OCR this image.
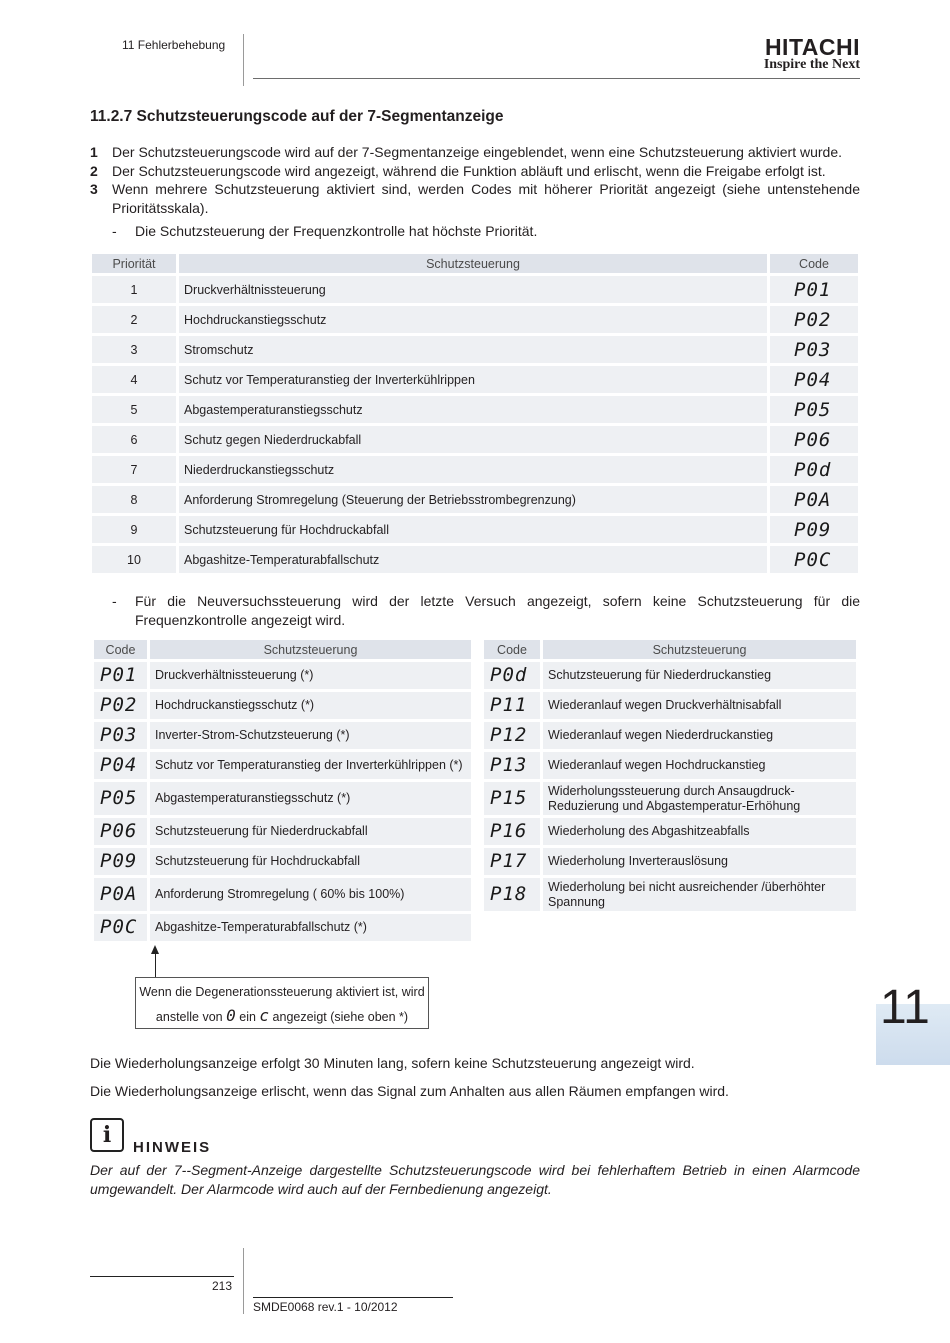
11 Fehlerbehebung	HITACHI
Inspire the Next
11.2.7 Schutzsteuerungscode auf der 7-Segmentanzeige
1	Der Schutzsteuerungscode wird auf der 7-Segmentanzeige eingeblendet, wenn eine Schutzsteuerung aktiviert wurde.
2	Der Schutzsteuerungscode wird angezeigt, während die Funktion abläuft und erlischt, wenn die Freigabe erfolgt ist.
3	Wenn mehrere Schutzsteuerung aktiviert sind, werden Codes mit höherer Priorität angezeigt (siehe untenstehende Prioritätsskala).
-	Die Schutzsteuerung der Frequenzkontrolle hat höchste Priorität.
Priorität	Schutzsteuerung	Code
1	Druckverhältnissteuerung	P01
2	Hochdruckanstiegsschutz	P02
3	Stromschutz	P03
4	Schutz vor Temperaturanstieg der Inverterkühlrippen	P04
5	Abgastemperaturanstiegsschutz	P05
6	Schutz gegen Niederdruckabfall	P06
7	Niederdruckanstiegsschutz	P0d
8	Anforderung Stromregelung (Steuerung der Betriebsstrombegrenzung)	P0A
9	Schutzsteuerung für Hochdruckabfall	P09
10	Abgashitze-Temperaturabfallschutz	P0C
-	Für die Neuversuchssteuerung wird der letzte Versuch angezeigt, sofern keine Schutzsteuerung für die Frequenzkontrolle angezeigt wird.
Code	Schutzsteuerung
P01	Druckverhältnissteuerung (*)
P02	Hochdruckanstiegsschutz (*)
P03	Inverter-Strom-Schutzsteuerung (*)
P04	Schutz vor Temperaturanstieg der Inverterkühlrippen (*)
P05	Abgastemperaturanstiegsschutz (*)
P06	Schutzsteuerung für Niederdruckabfall
P09	Schutzsteuerung für Hochdruckabfall
P0A	Anforderung Stromregelung ( 60% bis 100%)
P0C	Abgashitze-Temperaturabfallschutz (*)
Code	Schutzsteuerung
P0d	Schutzsteuerung für Niederdruckanstieg
P11	Wiederanlauf wegen Druckverhältnisabfall
P12	Wiederanlauf wegen Niederdruckanstieg
P13	Wiederanlauf wegen Hochdruckanstieg
P15	Widerholungssteuerung durch Ansaugdruck-Reduzierung und Abgastemperatur-Erhöhung
P16	Wiederholung des Abgashitzeabfalls
P17	Wiederholung Inverterauslösung
P18	Wiederholung bei nicht ausreichender /überhöhter Spannung
Wenn die Degenerationssteuerung aktiviert ist, wird
anstelle von 0 ein c angezeigt (siehe oben *)	11
Die Wiederholungsanzeige erfolgt 30 Minuten lang, sofern keine Schutzsteuerung angezeigt wird.
Die Wiederholungsanzeige erlischt, wenn das Signal zum Anhalten aus allen Räumen empfangen wird.
i	HINWEIS
Der auf der 7--Segment-Anzeige dargestellte Schutzsteuerungscode wird bei fehlerhaftem Betrieb in einen Alarmcode umgewandelt. Der Alarmcode wird auch auf der Fernbedienung angezeigt.
213
SMDE0068 rev.1 - 10/2012
